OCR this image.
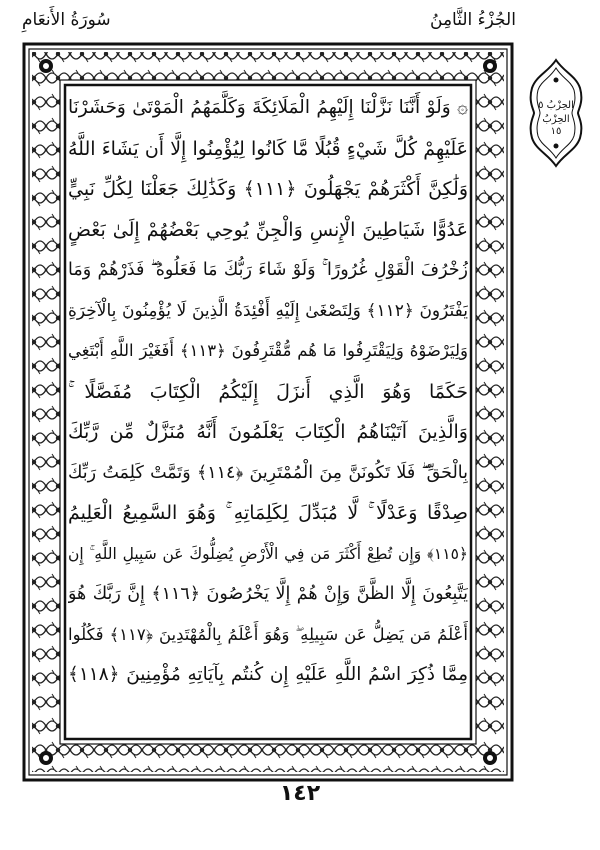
سُورَةُ الأَنعَامِ	الجُزْءُ الثَّامِنُ
الحِزْبُ ٥
الحِزْبُ ١٥
۞ وَلَوْ أَنَّنَا نَزَّلْنَا إِلَيْهِمُ الْمَلَائِكَةَ وَكَلَّمَهُمُ الْمَوْتَىٰ وَحَشَرْنَا
عَلَيْهِمْ كُلَّ شَيْءٍ قُبُلًا مَّا كَانُوا لِيُؤْمِنُوا إِلَّا أَن يَشَاءَ اللَّهُ
وَلَٰكِنَّ أَكْثَرَهُمْ يَجْهَلُونَ ﴿١١١﴾ وَكَذَٰلِكَ جَعَلْنَا لِكُلِّ نَبِيٍّ
عَدُوًّا شَيَاطِينَ الْإِنسِ وَالْجِنِّ يُوحِي بَعْضُهُمْ إِلَىٰ بَعْضٍ
زُخْرُفَ الْقَوْلِ غُرُورًا ۚ وَلَوْ شَاءَ رَبُّكَ مَا فَعَلُوهُ ۖ فَذَرْهُمْ وَمَا
يَفْتَرُونَ ﴿١١٢﴾ وَلِتَصْغَىٰ إِلَيْهِ أَفْئِدَةُ الَّذِينَ لَا يُؤْمِنُونَ بِالْآخِرَةِ
وَلِيَرْضَوْهُ وَلِيَقْتَرِفُوا مَا هُم مُّقْتَرِفُونَ ﴿١١٣﴾ أَفَغَيْرَ اللَّهِ أَبْتَغِي
حَكَمًا وَهُوَ الَّذِي أَنزَلَ إِلَيْكُمُ الْكِتَابَ مُفَصَّلًا ۚ
وَالَّذِينَ آتَيْنَاهُمُ الْكِتَابَ يَعْلَمُونَ أَنَّهُ مُنَزَّلٌ مِّن رَّبِّكَ
بِالْحَقِّ ۖ فَلَا تَكُونَنَّ مِنَ الْمُمْتَرِينَ ﴿١١٤﴾ وَتَمَّتْ كَلِمَتُ رَبِّكَ
صِدْقًا وَعَدْلًا ۚ لَّا مُبَدِّلَ لِكَلِمَاتِهِ ۚ وَهُوَ السَّمِيعُ الْعَلِيمُ
﴿١١٥﴾ وَإِن تُطِعْ أَكْثَرَ مَن فِي الْأَرْضِ يُضِلُّوكَ عَن سَبِيلِ اللَّهِ ۚ إِن
يَتَّبِعُونَ إِلَّا الظَّنَّ وَإِنْ هُمْ إِلَّا يَخْرُصُونَ ﴿١١٦﴾ إِنَّ رَبَّكَ هُوَ
أَعْلَمُ مَن يَضِلُّ عَن سَبِيلِهِ ۖ وَهُوَ أَعْلَمُ بِالْمُهْتَدِينَ ﴿١١٧﴾ فَكُلُوا
مِمَّا ذُكِرَ اسْمُ اللَّهِ عَلَيْهِ إِن كُنتُم بِآيَاتِهِ مُؤْمِنِينَ ﴿١١٨﴾
١٤٢
